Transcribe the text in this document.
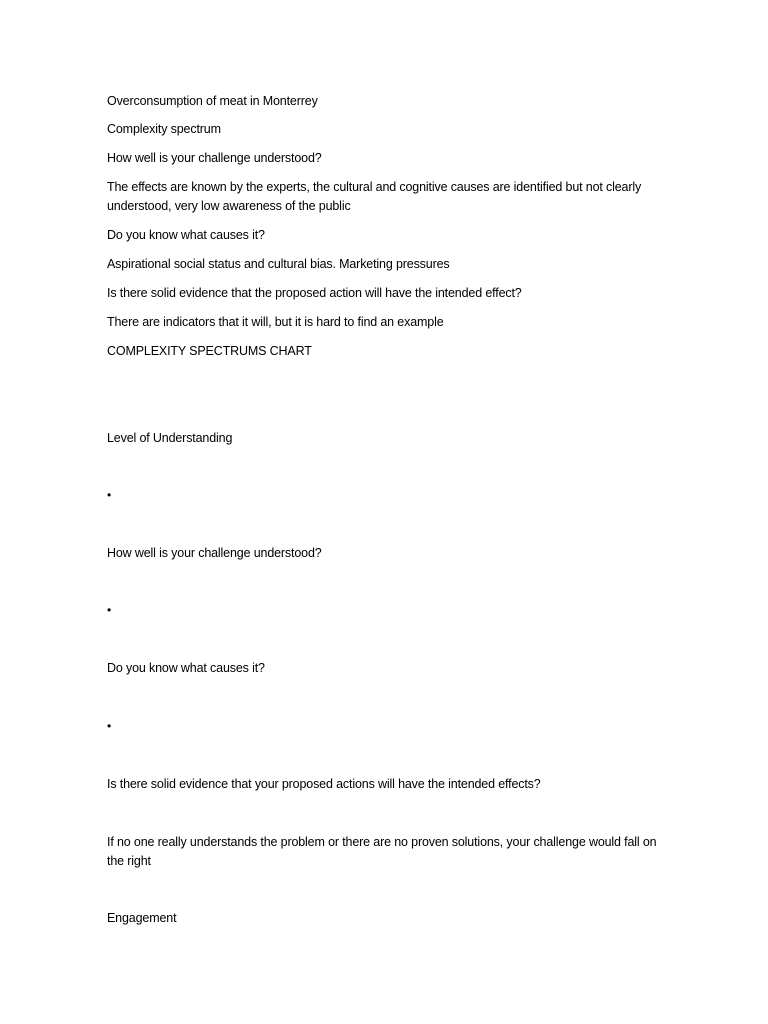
Overconsumption of meat in Monterrey

Complexity spectrum

How well is your challenge understood?

The effects are known by the experts, the cultural and cognitive causes are identified but not clearly understood, very low awareness of the public

Do you know what causes it?

Aspirational social status and cultural bias. Marketing pressures

Is there solid evidence that the proposed action will have the intended effect?

There are indicators that it will, but it is hard to find an example

COMPLEXITY SPECTRUMS CHART

Level of Understanding

•

How well is your challenge understood?

•

Do you know what causes it?

•

Is there solid evidence that your proposed actions will have the intended effects?

If no one really understands the problem or there are no proven solutions, your challenge would fall on the right

Engagement
